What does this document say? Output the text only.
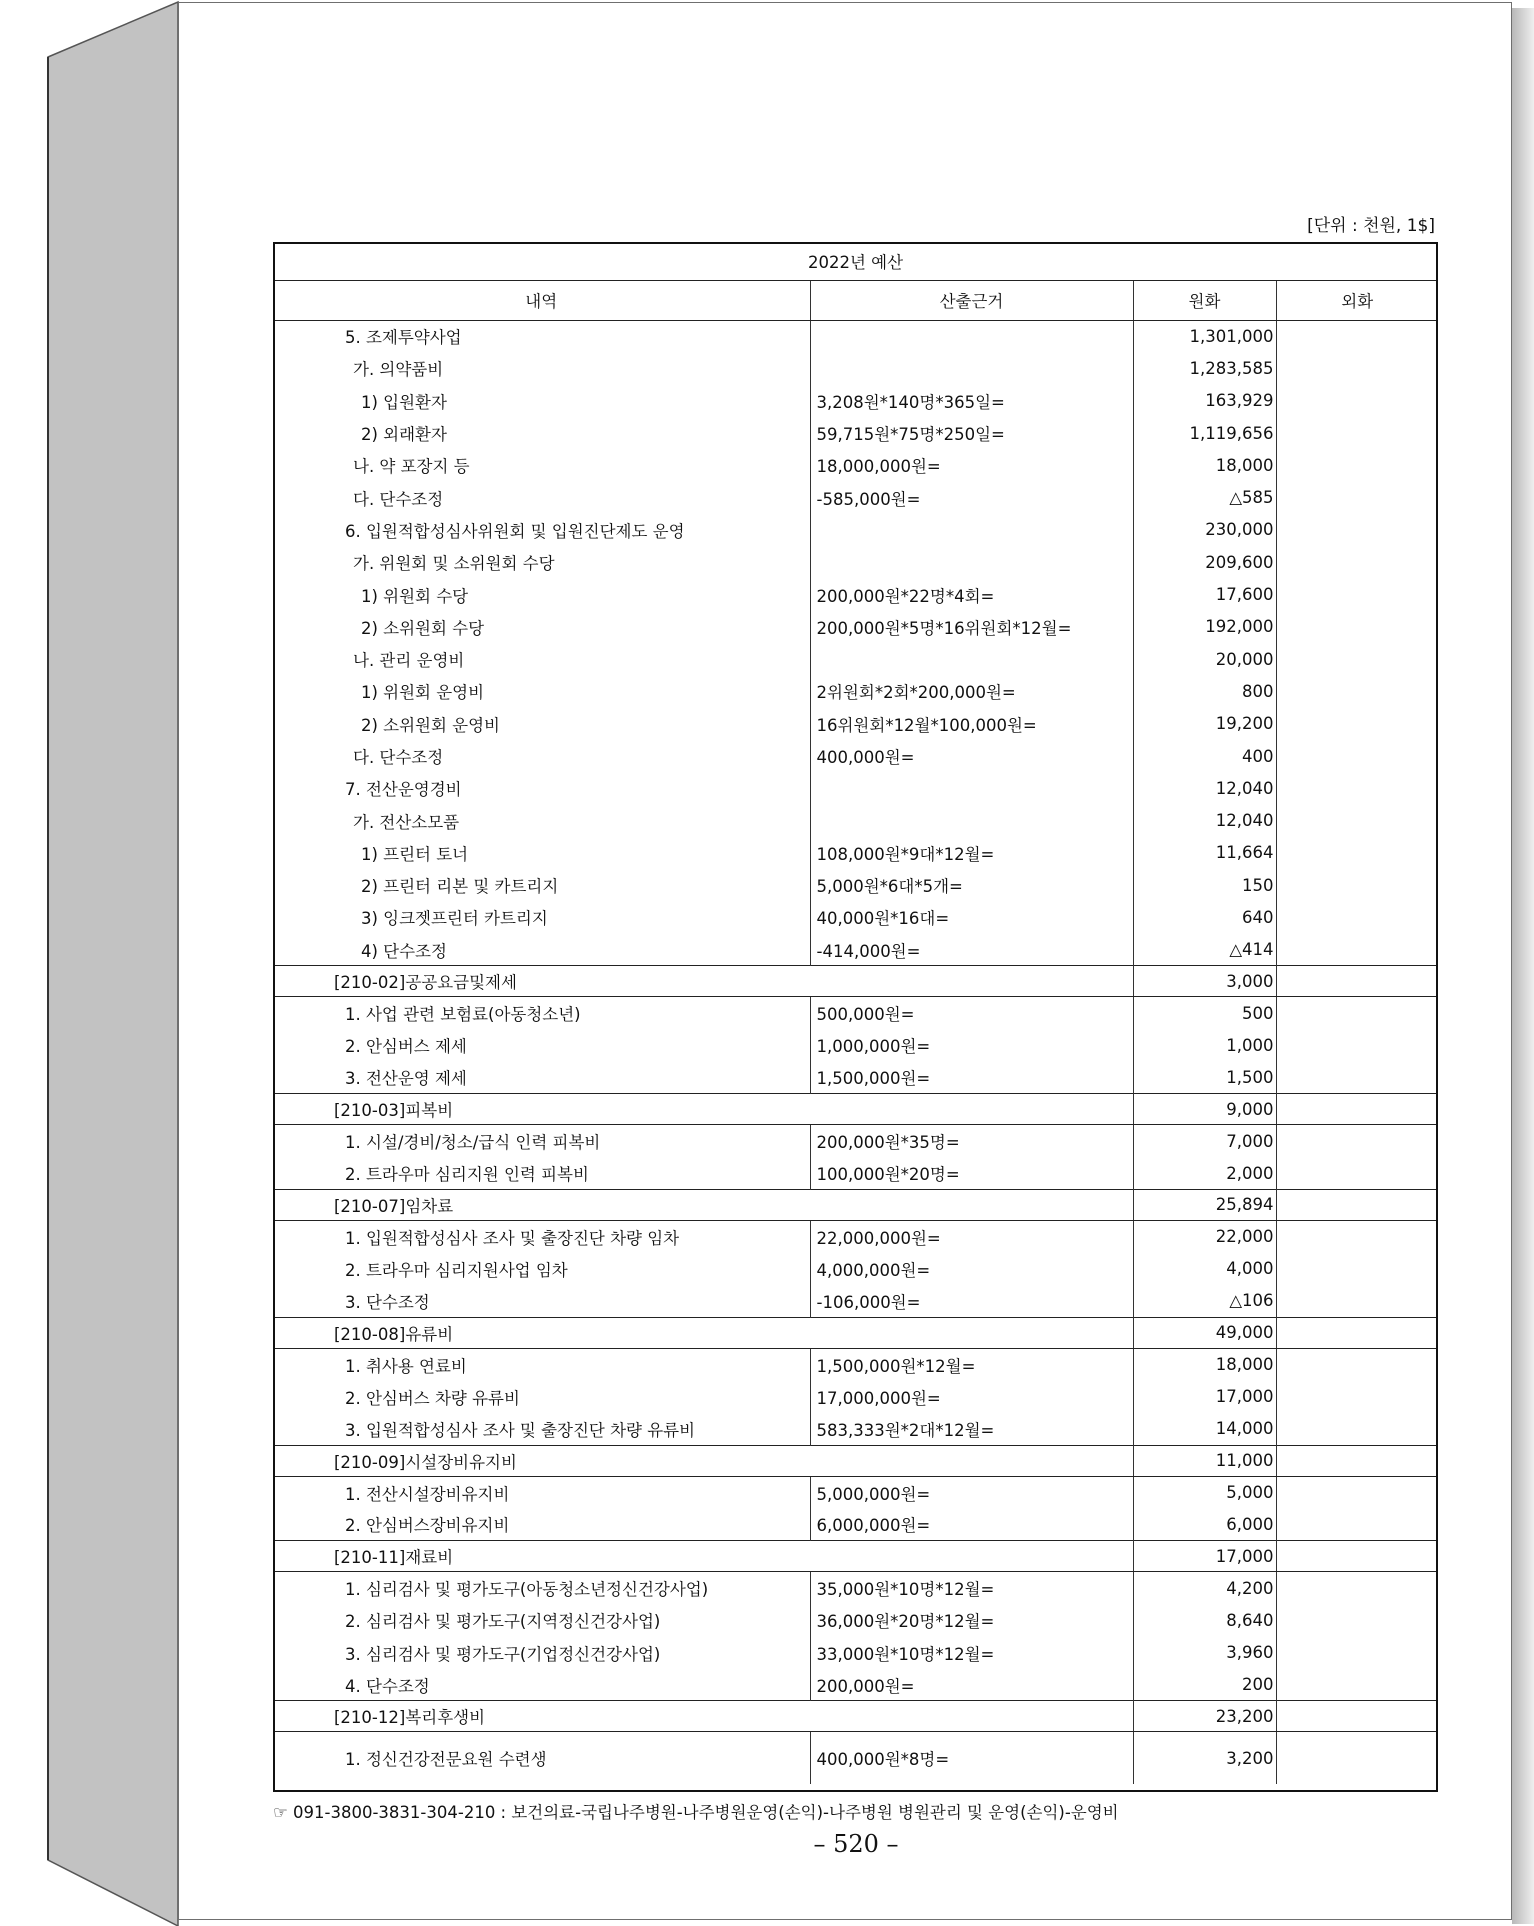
[단위 : 천원, 1$]
2022년 예산			
내역	산출근거	원화	외화
5. 조제투약사업		1,301,000	
가. 의약품비		1,283,585	
1) 입원환자	3,208원*140명*365일=	163,929	
2) 외래환자	59,715원*75명*250일=	1,119,656	
나. 약 포장지 등	18,000,000원=	18,000	
다. 단수조정	-585,000원=	△585	
6. 입원적합성심사위원회 및 입원진단제도 운영		230,000	
가. 위원회 및 소위원회 수당		209,600	
1) 위원회 수당	200,000원*22명*4회=	17,600	
2) 소위원회 수당	200,000원*5명*16위원회*12월=	192,000	
나. 관리 운영비		20,000	
1) 위원회 운영비	2위원회*2회*200,000원=	800	
2) 소위원회 운영비	16위원회*12월*100,000원=	19,200	
다. 단수조정	400,000원=	400	
7. 전산운영경비		12,040	
가. 전산소모품		12,040	
1) 프린터 토너	108,000원*9대*12월=	11,664	
2) 프린터 리본 및 카트리지	5,000원*6대*5개=	150	
3) 잉크젯프린터 카트리지	40,000원*16대=	640	
4) 단수조정	-414,000원=	△414	
[210-02]공공요금및제세		3,000	
1. 사업 관련 보험료(아동청소년)	500,000원=	500	
2. 안심버스 제세	1,000,000원=	1,000	
3. 전산운영 제세	1,500,000원=	1,500	
[210-03]피복비		9,000	
1. 시설/경비/청소/급식 인력 피복비	200,000원*35명=	7,000	
2. 트라우마 심리지원 인력 피복비	100,000원*20명=	2,000	
[210-07]임차료		25,894	
1. 입원적합성심사 조사 및 출장진단 차량 임차	22,000,000원=	22,000	
2. 트라우마 심리지원사업 임차	4,000,000원=	4,000	
3. 단수조정	-106,000원=	△106	
[210-08]유류비		49,000	
1. 취사용 연료비	1,500,000원*12월=	18,000	
2. 안심버스 차량 유류비	17,000,000원=	17,000	
3. 입원적합성심사 조사 및 출장진단 차량 유류비	583,333원*2대*12월=	14,000	
[210-09]시설장비유지비		11,000	
1. 전산시설장비유지비	5,000,000원=	5,000	
2. 안심버스장비유지비	6,000,000원=	6,000	
[210-11]재료비		17,000	
1. 심리검사 및 평가도구(아동청소년정신건강사업)	35,000원*10명*12월=	4,200	
2. 심리검사 및 평가도구(지역정신건강사업)	36,000원*20명*12월=	8,640	
3. 심리검사 및 평가도구(기업정신건강사업)	33,000원*10명*12월=	3,960	
4. 단수조정	200,000원=	200	
[210-12]복리후생비		23,200	
1. 정신건강전문요원 수련생	400,000원*8명=	3,200	
☞ 091-3800-3831-304-210 : 보건의료-국립나주병원-나주병원운영(손익)-나주병원 병원관리 및 운영(손익)-운영비
– 520 –
